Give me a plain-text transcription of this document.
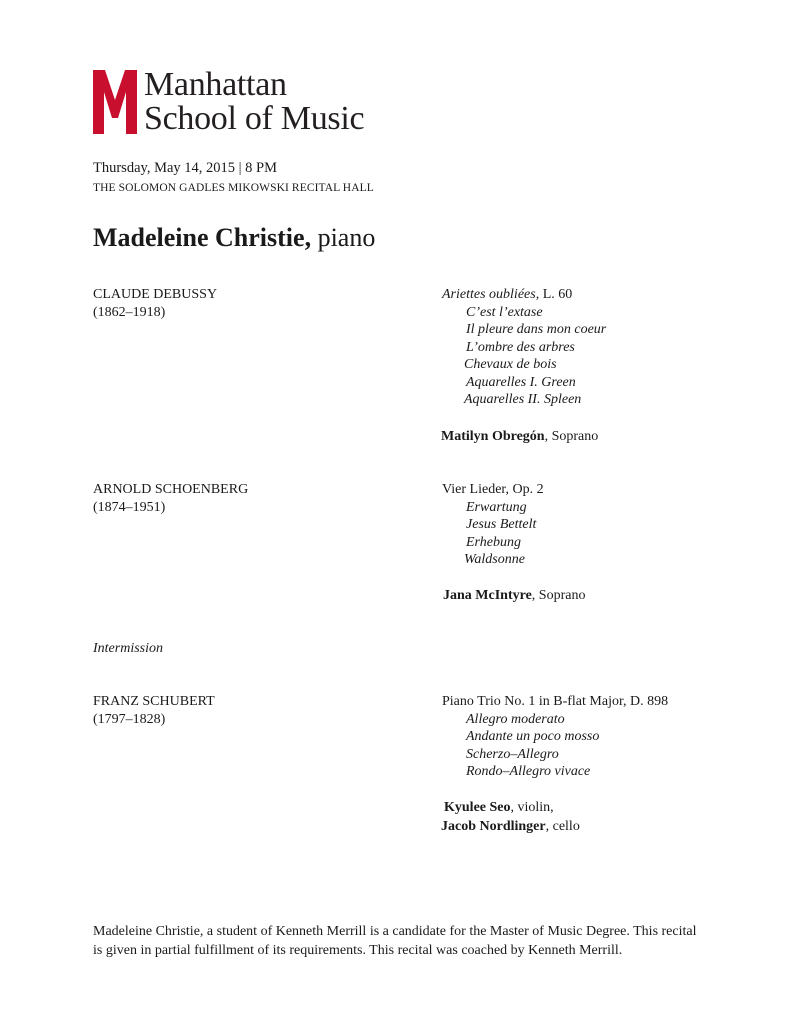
Manhattan
School of Music
Thursday, May 14, 2015 | 8 PM
THE SOLOMON GADLES MIKOWSKI RECITAL HALL
Madeleine Christie, piano
CLAUDE DEBUSSY
(1862–1918)
Ariettes oubliées, L. 60
C’est l’extase
Il pleure dans mon coeur
L’ombre des arbres
Chevaux de bois
Aquarelles I. Green
Aquarelles II. Spleen
Matilyn Obregón, Soprano
ARNOLD SCHOENBERG
(1874–1951)
Vier Lieder, Op. 2
Erwartung
Jesus Bettelt
Erhebung
Waldsonne
Jana McIntyre, Soprano
Intermission
FRANZ SCHUBERT
(1797–1828)
Piano Trio No. 1 in B-flat Major, D. 898
Allegro moderato
Andante un poco mosso
Scherzo–Allegro
Rondo–Allegro vivace
Kyulee Seo, violin,
Jacob Nordlinger, cello
Madeleine Christie, a student of Kenneth Merrill is a candidate for the Master of Music Degree. This recital is given in partial fulfillment of its requirements. This recital was coached by Kenneth Merrill.
